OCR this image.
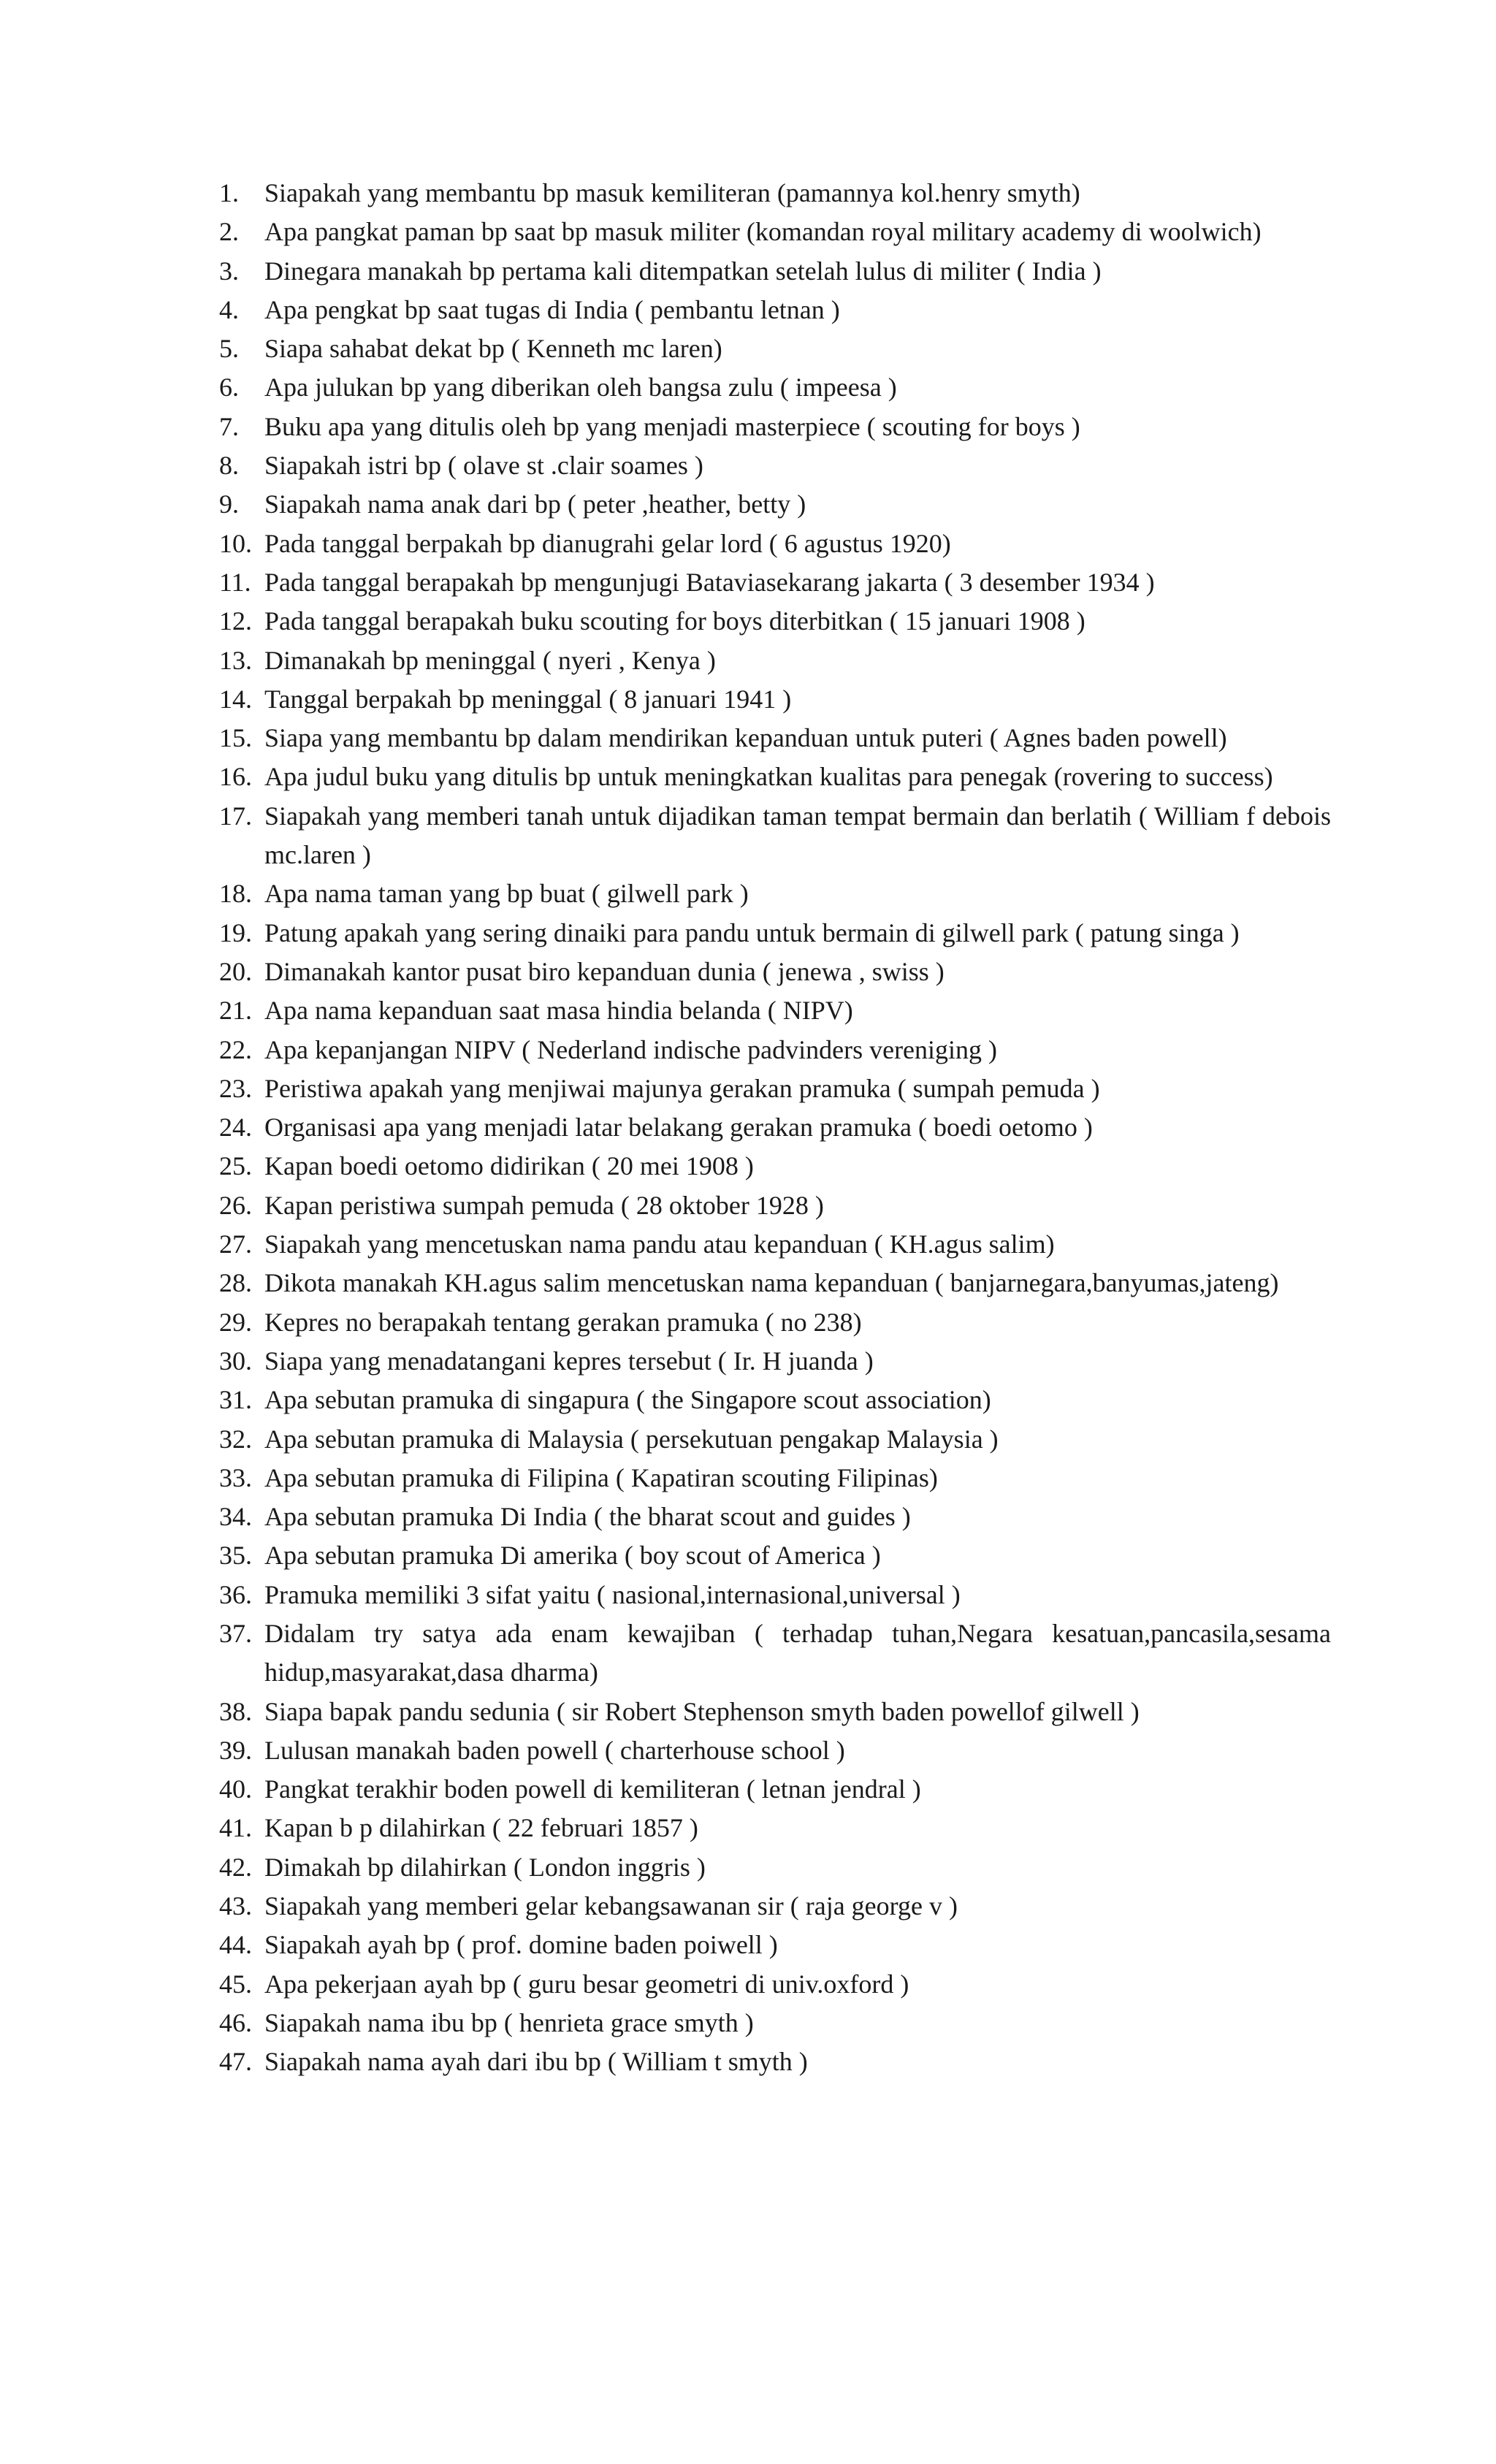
1. Siapakah yang membantu bp masuk kemiliteran (pamannya kol.henry smyth)
2. Apa pangkat paman bp saat bp masuk militer (komandan royal military academy di woolwich)
3. Dinegara manakah bp pertama kali ditempatkan setelah lulus di militer ( India )
4. Apa pengkat bp saat tugas di India ( pembantu letnan )
5. Siapa sahabat dekat bp ( Kenneth mc laren)
6. Apa julukan bp yang diberikan oleh bangsa zulu ( impeesa )
7. Buku apa yang ditulis oleh bp yang menjadi masterpiece ( scouting for boys )
8. Siapakah istri bp ( olave st .clair soames )
9. Siapakah nama anak dari bp ( peter ,heather, betty )
10. Pada tanggal berpakah bp dianugrahi gelar lord ( 6 agustus 1920)
11. Pada tanggal berapakah bp mengunjugi Bataviasekarang jakarta ( 3 desember 1934 )
12. Pada tanggal berapakah buku scouting for boys diterbitkan ( 15 januari 1908 )
13. Dimanakah bp meninggal ( nyeri , Kenya )
14. Tanggal berpakah bp meninggal ( 8 januari 1941 )
15. Siapa yang membantu bp dalam mendirikan kepanduan untuk puteri ( Agnes baden powell)
16. Apa judul buku yang ditulis bp untuk meningkatkan kualitas para penegak (rovering to success)
17. Siapakah yang memberi tanah untuk dijadikan taman tempat bermain dan berlatih ( William f debois mc.laren )
18. Apa nama taman yang bp buat ( gilwell park )
19. Patung apakah yang sering dinaiki para pandu untuk bermain di gilwell park ( patung singa )
20. Dimanakah kantor pusat biro kepanduan dunia ( jenewa , swiss )
21. Apa nama kepanduan saat masa hindia belanda ( NIPV)
22. Apa kepanjangan NIPV ( Nederland indische padvinders vereniging )
23. Peristiwa apakah yang menjiwai majunya gerakan pramuka ( sumpah pemuda )
24. Organisasi apa yang menjadi latar belakang gerakan pramuka ( boedi oetomo )
25. Kapan boedi oetomo didirikan ( 20 mei 1908 )
26. Kapan peristiwa sumpah pemuda ( 28 oktober 1928 )
27. Siapakah yang mencetuskan nama pandu atau kepanduan ( KH.agus salim)
28. Dikota manakah KH.agus salim mencetuskan nama kepanduan ( banjarnegara,banyumas,jateng)
29. Kepres no berapakah tentang gerakan pramuka ( no 238)
30. Siapa yang menadatangani kepres tersebut ( Ir. H juanda )
31. Apa sebutan pramuka di singapura ( the Singapore scout association)
32. Apa sebutan pramuka di Malaysia ( persekutuan pengakap Malaysia )
33. Apa sebutan pramuka di Filipina ( Kapatiran scouting Filipinas)
34. Apa sebutan pramuka Di India ( the bharat scout and guides )
35. Apa sebutan pramuka Di amerika ( boy scout of America )
36. Pramuka memiliki 3 sifat yaitu ( nasional,internasional,universal )
37. Didalam try satya ada enam kewajiban ( terhadap tuhan,Negara kesatuan,pancasila,sesama hidup,masyarakat,dasa dharma)
38. Siapa bapak pandu sedunia ( sir Robert Stephenson smyth baden powellof gilwell )
39. Lulusan manakah baden powell ( charterhouse school )
40. Pangkat terakhir boden powell di kemiliteran ( letnan jendral )
41. Kapan b p dilahirkan ( 22 februari 1857 )
42. Dimakah bp dilahirkan ( London inggris )
43. Siapakah yang memberi gelar kebangsawanan sir ( raja george v )
44. Siapakah ayah bp ( prof. domine baden poiwell )
45. Apa pekerjaan ayah bp ( guru besar geometri di univ.oxford )
46. Siapakah nama ibu bp ( henrieta grace smyth )
47. Siapakah nama ayah dari ibu bp ( William t smyth )
